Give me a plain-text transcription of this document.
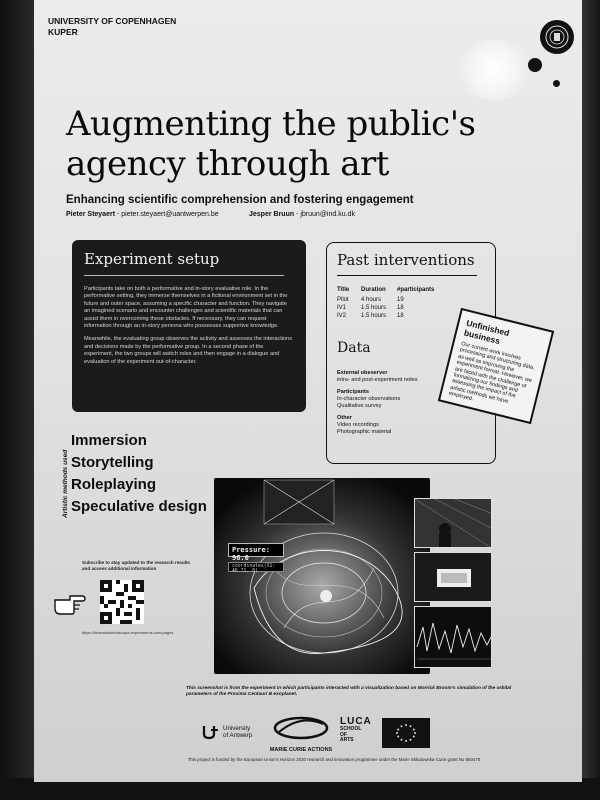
UNIVERSITY OF COPENHAGEN
KUPER
Augmenting the public's agency through art
Enhancing scientific comprehension and fostering engagement
Pieter Steyaert - pieter.steyaert@uantwerpen.be	Jesper Bruun - jbruun@ind.ku.dk
Experiment setup

Participants take on both a performative and in-story evaluative role. In the performative setting, they immerse themselves in a fictional environment set in the future and outer space, assuming a specific character and function. They navigate an imagined scenario and encounter challenges and scientific materials that can assist them in overcoming these obstacles. If necessary, they can request information through an in-story persona who possesses supportive knowledge.

Meanwhile, the evaluating group observes the activity and assesses the interactions and decisions made by the performative group. In a second phase of the experiment, the two groups will switch roles and then engage in a dialogue and evaluation of the experiment out-of-character.

Past interventions
Title	Duration	#participants
Pilot	4 hours	19
IV1	1.5 hours	18
IV2	1.5 hours	18
Data
External obeserver
intra- and post-experiment notes
Participants
In-character observations
Qualitative survey
Other
Video recordings
Photographic material
Unfinished business
Our current work involves processing and structuring data, as well as improving the experiment format. However, we are faced with the challenge of formalizing our findings and assessing the impact of the artistic methods we have employed.
Artistic methods used
Immersion
Storytelling
Roleplaying
Speculative design
Pressure: 96.0
coordinates(X1: 46.71, 0)
Subscribe to stay updated to the research results and access additional information
https://kharonkaleidoscope-experiments.com/pages
This screenshot is from the experiment in which participants interacted with a visualization based on Morrick Broom's simulation of the orbital parameters of the Proxima Centauri B exoplanet.
University
of Antwerp
MARIE CURIE ACTIONS
LUCA
SCHOOL
OF
ARTS
This project is funded by the European Union's Horizon 2020 research and innovation programme under the Marie Skłodowska-Curie grant No 860470
